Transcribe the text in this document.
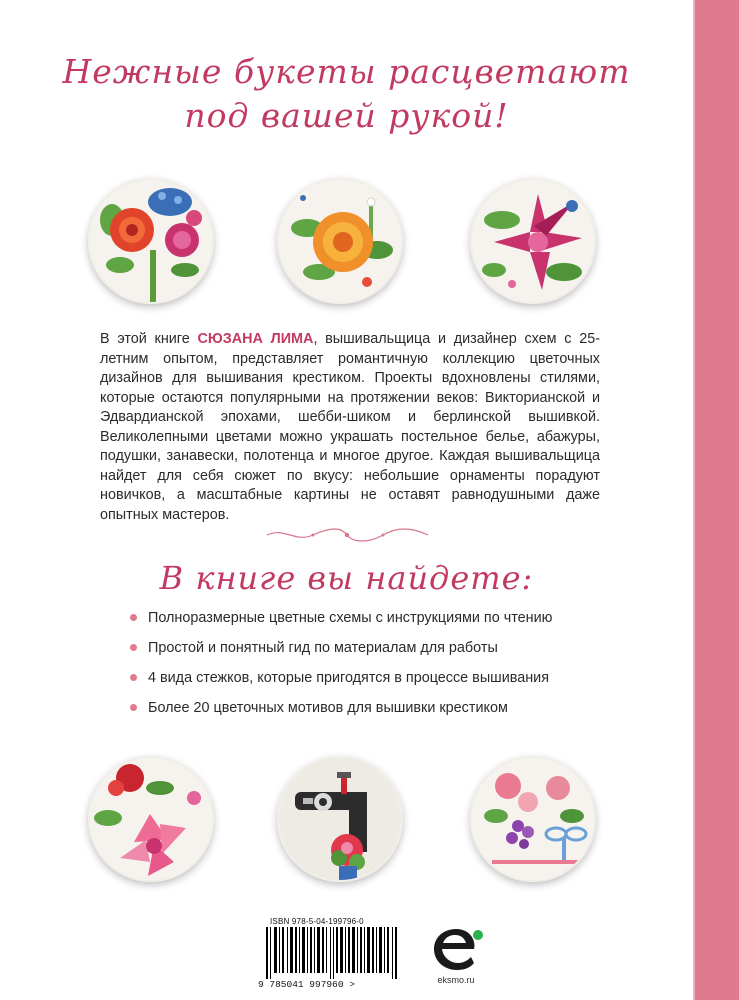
Нежные букеты расцветают
под вашей рукой!

В этой книге СЮЗАНА ЛИМА, вышивальщица и дизайнер схем с 25-летним опытом, представляет романтичную коллекцию цветочных дизайнов для вышивания крестиком. Проекты вдохновлены стилями, которые остаются популярными на протяжении веков: Викторианской и Эдвардианской эпохами, шебби-шиком и берлинской вышивкой. Великолепными цветами можно украшать постельное белье, абажуры, подушки, занавески, полотенца и многое другое. Каждая вышивальщица найдет для себя сюжет по вкусу: небольшие орнаменты порадуют новичков, а масштабные картины не оставят равнодушными даже опытных мастеров.

В книге вы найдете:
Полноразмерные цветные схемы с инструкциями по чтению
Простой и понятный гид по материалам для работы
4 вида стежков, которые пригодятся в процессе вышивания
Более 20 цветочных мотивов для вышивки крестиком
ISBN 978-5-04-199796-0
9 785041 997960 >	eksmo.ru
